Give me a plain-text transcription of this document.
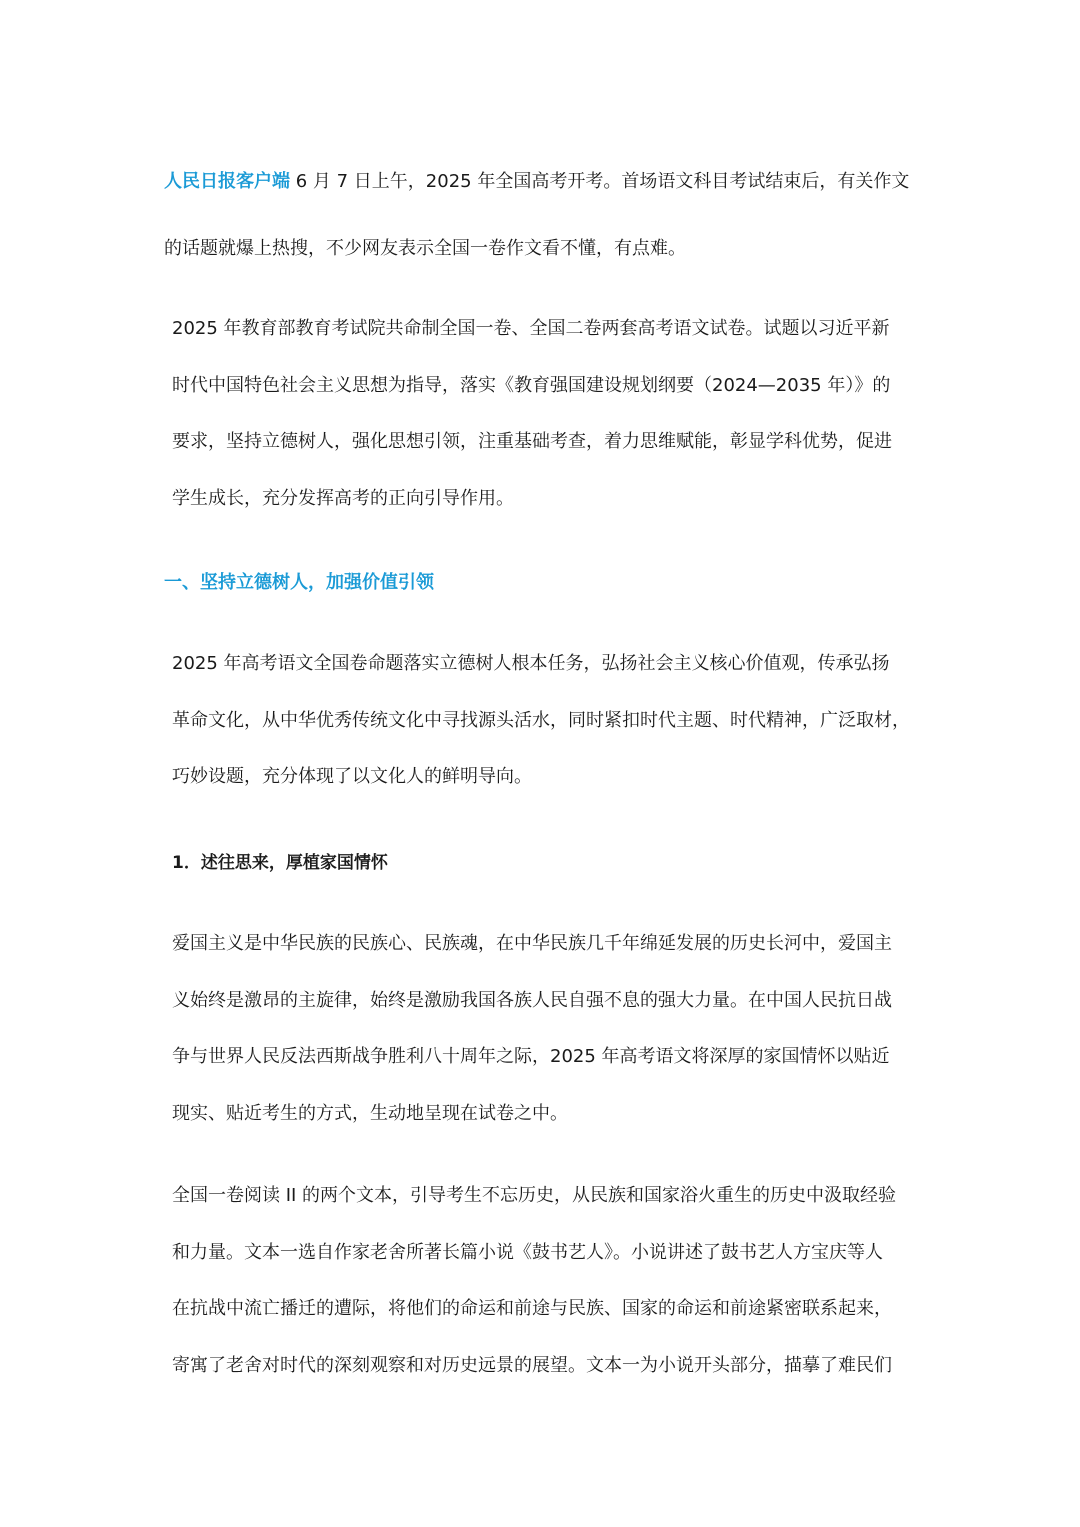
人民日报客户端 6 月 7 日上午，2025 年全国高考开考。首场语文科目考试结束后，有关作文
的话题就爆上热搜，不少网友表示全国一卷作文看不懂，有点难。

2025 年教育部教育考试院共命制全国一卷、全国二卷两套高考语文试卷。试题以习近平新
时代中国特色社会主义思想为指导，落实《教育强国建设规划纲要（2024—2035 年）》的
要求，坚持立德树人，强化思想引领，注重基础考查，着力思维赋能，彰显学科优势，促进
学生成长，充分发挥高考的正向引导作用。

一、坚持立德树人，加强价值引领

2025 年高考语文全国卷命题落实立德树人根本任务，弘扬社会主义核心价值观，传承弘扬
革命文化，从中华优秀传统文化中寻找源头活水，同时紧扣时代主题、时代精神，广泛取材，
巧妙设题，充分体现了以文化人的鲜明导向。

1．述往思来，厚植家国情怀

爱国主义是中华民族的民族心、民族魂，在中华民族几千年绵延发展的历史长河中，爱国主
义始终是激昂的主旋律，始终是激励我国各族人民自强不息的强大力量。在中国人民抗日战
争与世界人民反法西斯战争胜利八十周年之际，2025 年高考语文将深厚的家国情怀以贴近
现实、贴近考生的方式，生动地呈现在试卷之中。

全国一卷阅读 II 的两个文本，引导考生不忘历史，从民族和国家浴火重生的历史中汲取经验
和力量。文本一选自作家老舍所著长篇小说《鼓书艺人》。小说讲述了鼓书艺人方宝庆等人
在抗战中流亡播迁的遭际，将他们的命运和前途与民族、国家的命运和前途紧密联系起来，
寄寓了老舍对时代的深刻观察和对历史远景的展望。文本一为小说开头部分，描摹了难民们
